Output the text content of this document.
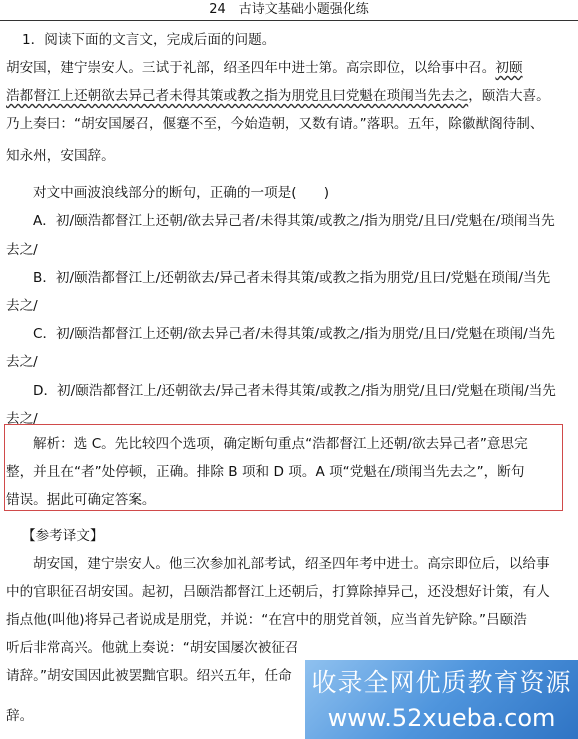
24　古诗文基础小题强化练
1．阅读下面的文言文，完成后面的问题。
胡安国，建宁崇安人。三试于礼部，绍圣四年中进士第。高宗即位，以给事中召。初颐
浩都督江上还朝欲去异己者未得其策或教之指为朋党且曰党魁在琐闱当先去之，颐浩大喜。
乃上奏曰：“胡安国屡召，偃蹇不至，今始造朝，又数有请。”落职。五年，除徽猷阁待制、
知永州，安国辞。
对文中画波浪线部分的断句，正确的一项是(　　)
A．初/颐浩都督江上还朝/欲去异己者/未得其策/或教之/指为朋党/且曰/党魁在/琐闱当先
去之/
B．初/颐浩都督江上/还朝欲去/异己者未得其策/或教之指为朋党/且曰/党魁在琐闱/当先
去之/
C．初/颐浩都督江上还朝/欲去异己者/未得其策/或教之/指为朋党/且曰/党魁在琐闱/当先
去之/
D．初/颐浩都督江上/还朝欲去/异己者未得其策/或教之/指为朋党/且曰/党魁在琐闱/当先
去之/
解析：选 C。先比较四个选项，确定断句重点“浩都督江上还朝/欲去异己者”意思完
整，并且在“者”处停顿，正确。排除 B 项和 D 项。A 项“党魁在/琐闱当先去之”，断句
错误。据此可确定答案。
【参考译文】
胡安国，建宁崇安人。他三次参加礼部考试，绍圣四年考中进士。高宗即位后，以给事
中的官职征召胡安国。起初，吕颐浩都督江上还朝后，打算除掉异己，还没想好计策，有人
指点他(叫他)将异己者说成是朋党，并说：“在宫中的朋党首领，应当首先铲除。”吕颐浩
听后非常高兴。他就上奏说：“胡安国屡次被征召
请辞。”胡安国因此被罢黜官职。绍兴五年，任命
辞。
收录全网优质教育资源
www.52xueba.com
